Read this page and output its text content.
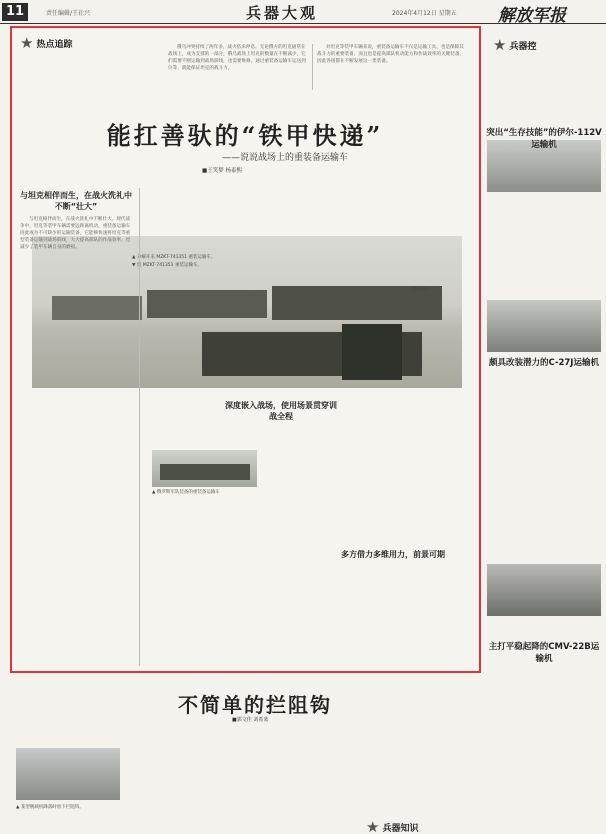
11	责任编辑/王社兴	兵器大观	2024年4月12日 星期五 解放军报
★ 热点追踪	俄乌冲突持续了两年多，战火依未停息。无论俄方的坦克通常在战场上，成为支撑的一部分，俄乌战场上坦克的数量在不断减少，它们需要不断运输到战场前线，也需要维修，通过重装备运输车运送到位等，就能保证坦克的战斗力。
对坦克等装甲车辆来说，重装备运输车不仅是运输工具，也是保障其战斗力的重要装备，而且也是提高部队机动能力和作战效率的关键装备，因此各国都在不断发展这一类装备。
能扛善驮的“铁甲快递”
——说说战场上的重装备运输车
■王笑梦 杨泰熙
▲ 分解开来 MZKT-741351 重装运输车。
▼ 奥 MZKT-741351 重装运输车。
资料图片
与坦克相伴而生，在战火洗礼中不断“壮大”
与坦克相伴而生，在战火洗礼中不断壮大。现代战争中，坦克等装甲车辆需要远距离机动，重装备运输车因此成为不可缺少的运输装备，它能够快速将坦克等重型装备运输到战场前线，大大提高部队的作战效率，也减少了装甲车辆自身的磨损。
深度嵌入战场，使用场景贯穿训战全程
▲ 俄罗斯军队装备的重装备运输车
多方借力多维用力，前景可期
★ 兵器控
突出“生存技能”的伊尔-112V运输机
颇具改装潜力的C-27J运输机
主打平稳起降的CMV-22B运输机
不简单的拦阻钩
■郭文佳 刘希蓝
▲ 某型舰载机降落时放下拦阻钩。
★ 兵器知识
